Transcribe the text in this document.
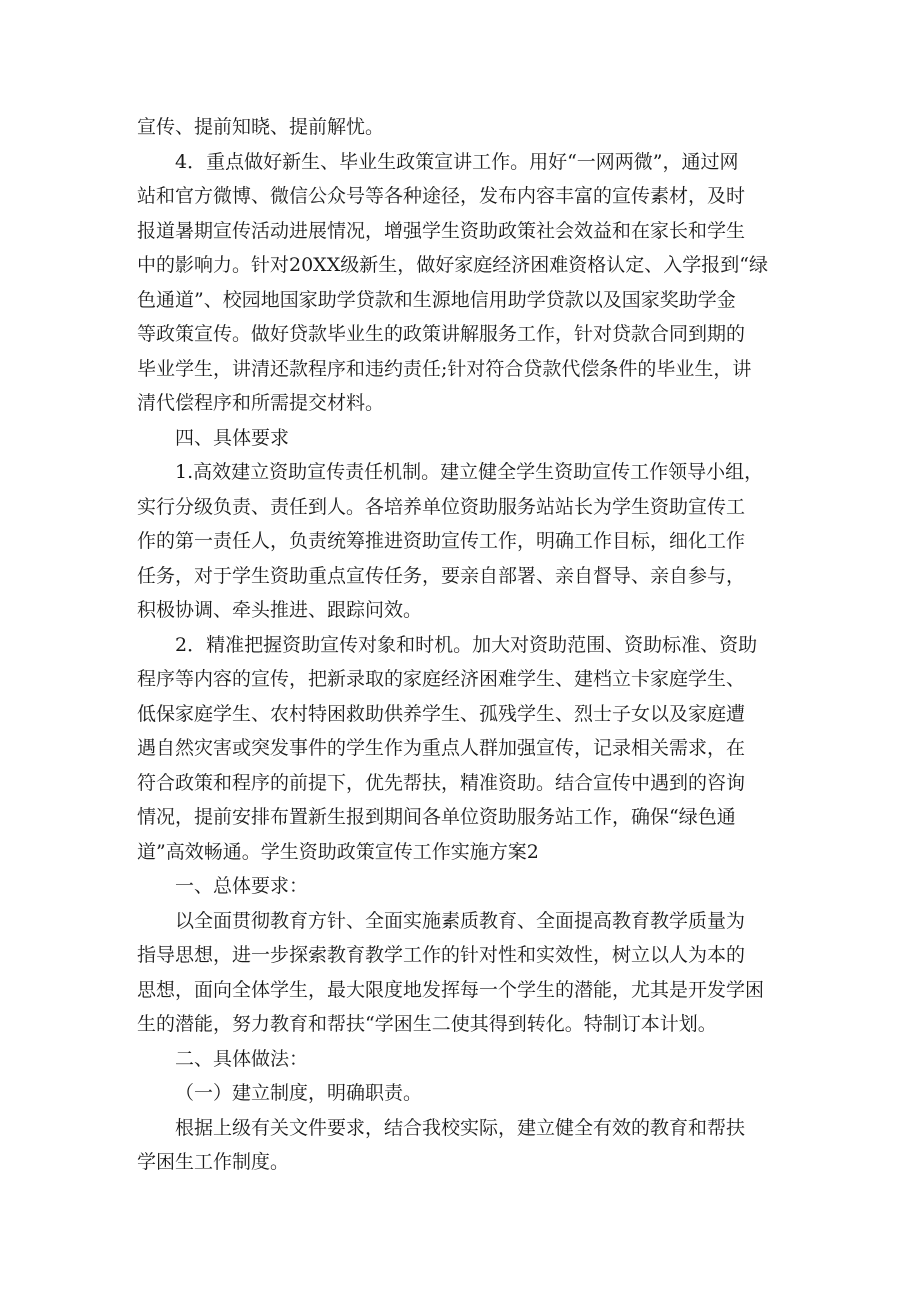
宣传、提前知晓、提前解忧。
4．重点做好新生、毕业生政策宣讲工作。用好“一网两微”，通过网
站和官方微博、微信公众号等各种途径，发布内容丰富的宣传素材，及时
报道暑期宣传活动进展情况，增强学生资助政策社会效益和在家长和学生
中的影响力。针对20XX级新生，做好家庭经济困难资格认定、入学报到“绿
色通道”、校园地国家助学贷款和生源地信用助学贷款以及国家奖助学金
等政策宣传。做好贷款毕业生的政策讲解服务工作，针对贷款合同到期的
毕业学生，讲清还款程序和违约责任;针对符合贷款代偿条件的毕业生，讲
清代偿程序和所需提交材料。
四、具体要求
1.高效建立资助宣传责任机制。建立健全学生资助宣传工作领导小组，
实行分级负责、责任到人。各培养单位资助服务站站长为学生资助宣传工
作的第一责任人，负责统筹推进资助宣传工作，明确工作目标，细化工作
任务，对于学生资助重点宣传任务，要亲自部署、亲自督导、亲自参与，
积极协调、牵头推进、跟踪问效。
2．精准把握资助宣传对象和时机。加大对资助范围、资助标准、资助
程序等内容的宣传，把新录取的家庭经济困难学生、建档立卡家庭学生、
低保家庭学生、农村特困救助供养学生、孤残学生、烈士子女以及家庭遭
遇自然灾害或突发事件的学生作为重点人群加强宣传，记录相关需求，在
符合政策和程序的前提下，优先帮扶，精准资助。结合宣传中遇到的咨询
情况，提前安排布置新生报到期间各单位资助服务站工作，确保“绿色通
道”高效畅通。学生资助政策宣传工作实施方案2
一、总体要求：
以全面贯彻教育方针、全面实施素质教育、全面提高教育教学质量为
指导思想，进一步探索教育教学工作的针对性和实效性，树立以人为本的
思想，面向全体学生，最大限度地发挥每一个学生的潜能，尤其是开发学困
生的潜能，努力教育和帮扶“学困生二使其得到转化。特制订本计划。
二、具体做法：
（一）建立制度，明确职责。
根据上级有关文件要求，结合我校实际，建立健全有效的教育和帮扶
学困生工作制度。
